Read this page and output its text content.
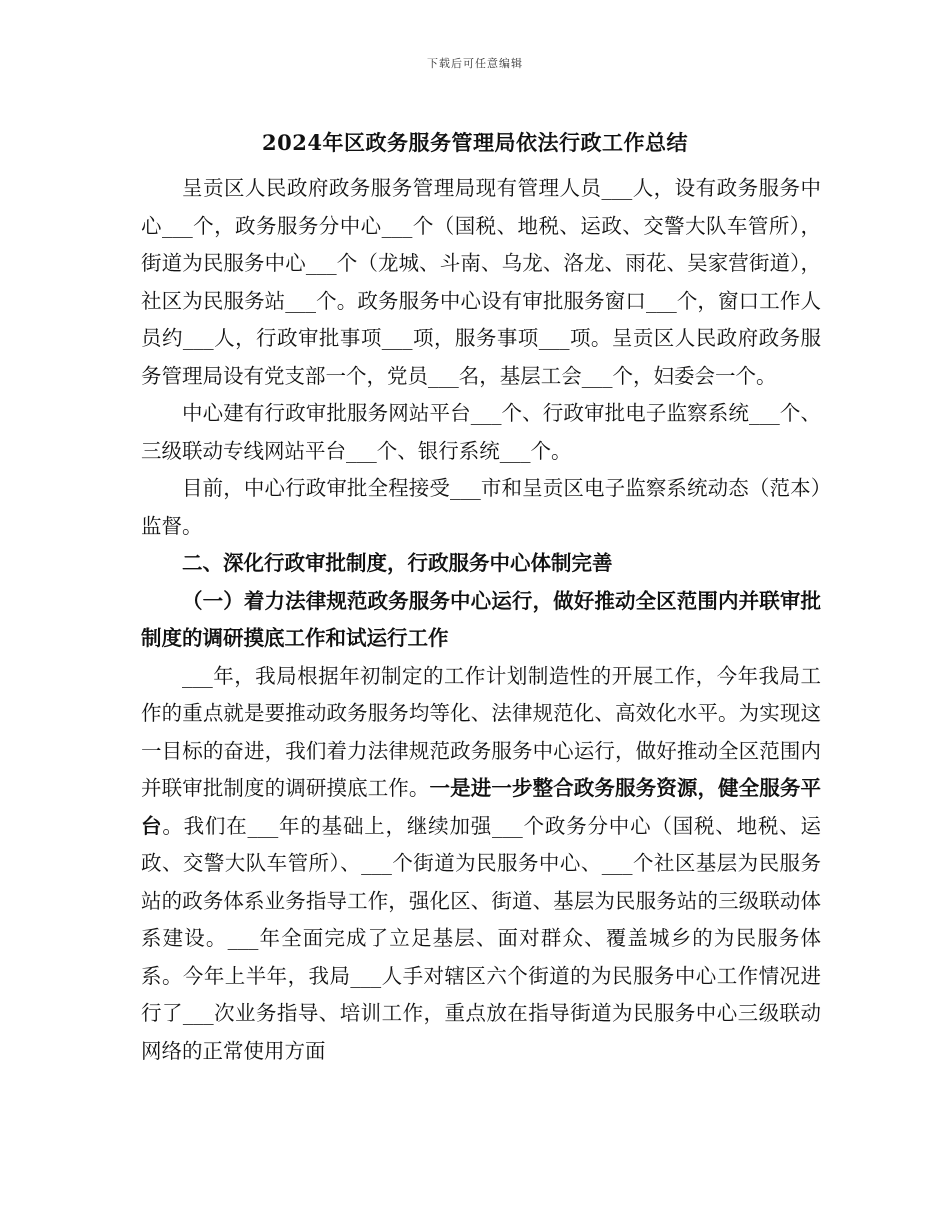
下载后可任意编辑
2024年区政务服务管理局依法行政工作总结

呈贡区人民政府政务服务管理局现有管理人员___人，设有政务服务中心___个，政务服务分中心___个（国税、地税、运政、交警大队车管所），街道为民服务中心___个（龙城、斗南、乌龙、洛龙、雨花、吴家营街道），社区为民服务站___个。政务服务中心设有审批服务窗口___个，窗口工作人员约___人，行政审批事项___项，服务事项___项。呈贡区人民政府政务服务管理局设有党支部一个，党员___名，基层工会___个，妇委会一个。

中心建有行政审批服务网站平台___个、行政审批电子监察系统___个、三级联动专线网站平台___个、银行系统___个。

目前，中心行政审批全程接受___市和呈贡区电子监察系统动态（范本）监督。

二、深化行政审批制度，行政服务中心体制完善

（一）着力法律规范政务服务中心运行，做好推动全区范围内并联审批制度的调研摸底工作和试运行工作

___年，我局根据年初制定的工作计划制造性的开展工作，今年我局工作的重点就是要推动政务服务均等化、法律规范化、高效化水平。为实现这一目标的奋进，我们着力法律规范政务服务中心运行，做好推动全区范围内并联审批制度的调研摸底工作。一是进一步整合政务服务资源，健全服务平台。我们在___年的基础上，继续加强___个政务分中心（国税、地税、运政、交警大队车管所）、___个街道为民服务中心、___个社区基层为民服务站的政务体系业务指导工作，强化区、街道、基层为民服务站的三级联动体系建设。___年全面完成了立足基层、面对群众、覆盖城乡的为民服务体系。今年上半年，我局___人手对辖区六个街道的为民服务中心工作情况进行了___次业务指导、培训工作，重点放在指导街道为民服务中心三级联动网络的正常使用方面
